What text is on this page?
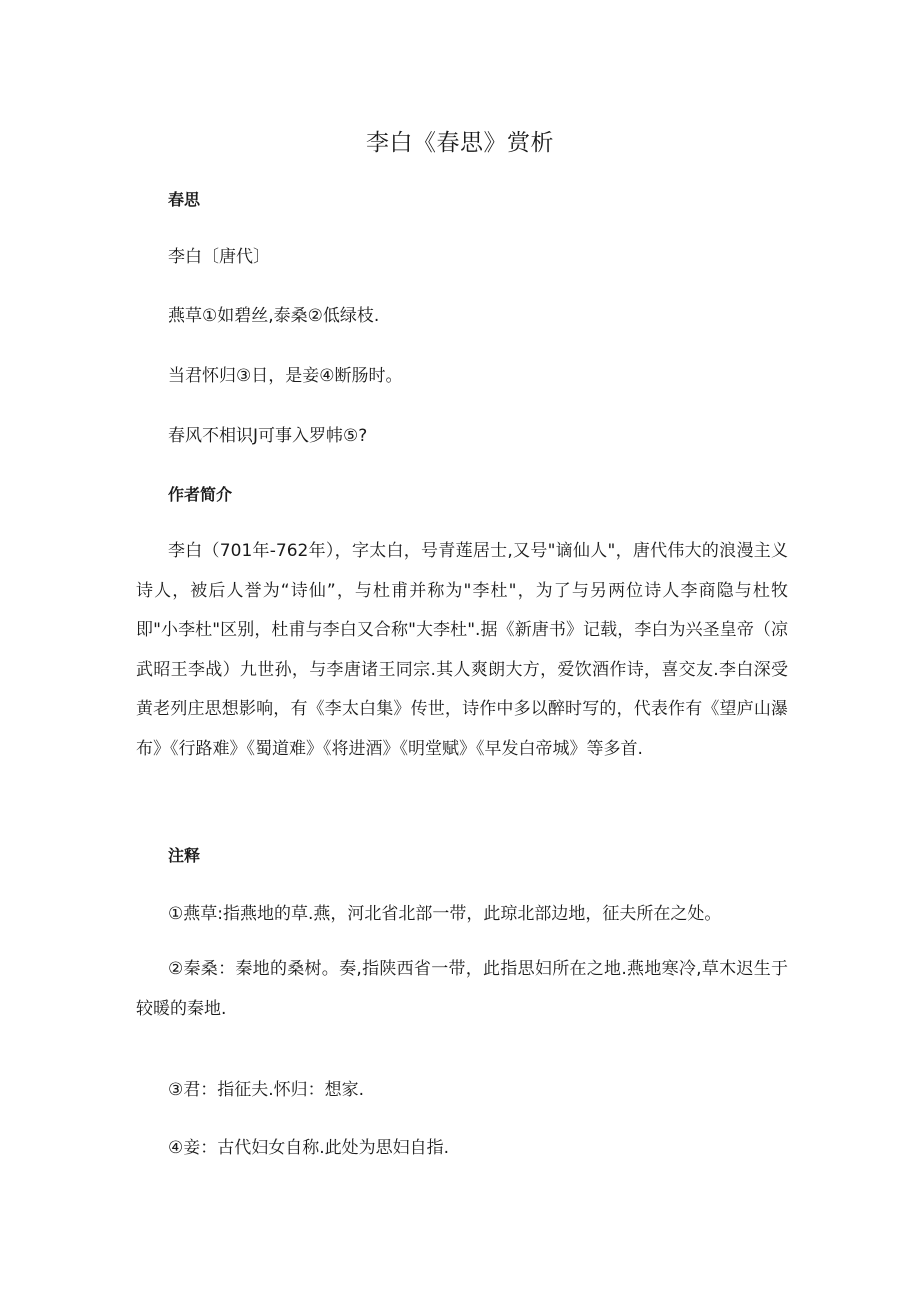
李白《春思》赏析

春思

李白〔唐代〕

燕草①如碧丝,泰桑②低绿枝.

当君怀归③日，是妾④断肠时。

春风不相识J可事入罗帏⑤?

作者简介

李白（701年-762年），字太白，号青莲居士,又号"谪仙人"，唐代伟大的浪漫主义诗人，被后人誉为“诗仙”，与杜甫并称为"李杜"，为了与另两位诗人李商隐与杜牧即"小李杜"区别，杜甫与李白又合称"大李杜".据《新唐书》记载，李白为兴圣皇帝（凉武昭王李战）九世孙，与李唐诸王同宗.其人爽朗大方，爱饮酒作诗，喜交友.李白深受黄老列庄思想影响，有《李太白集》传世，诗作中多以醉时写的，代表作有《望庐山瀑布》《行路难》《蜀道难》《将进酒》《明堂赋》《早发白帝城》等多首.

注释

①燕草:指燕地的草.燕，河北省北部一带，此琼北部边地，征夫所在之处。

②秦桑：秦地的桑树。奏,指陕西省一带，此指思妇所在之地.燕地寒冷,草木迟生于较暖的秦地.

③君：指征夫.怀归：想家.

④妾：古代妇女自称.此处为思妇自指.
